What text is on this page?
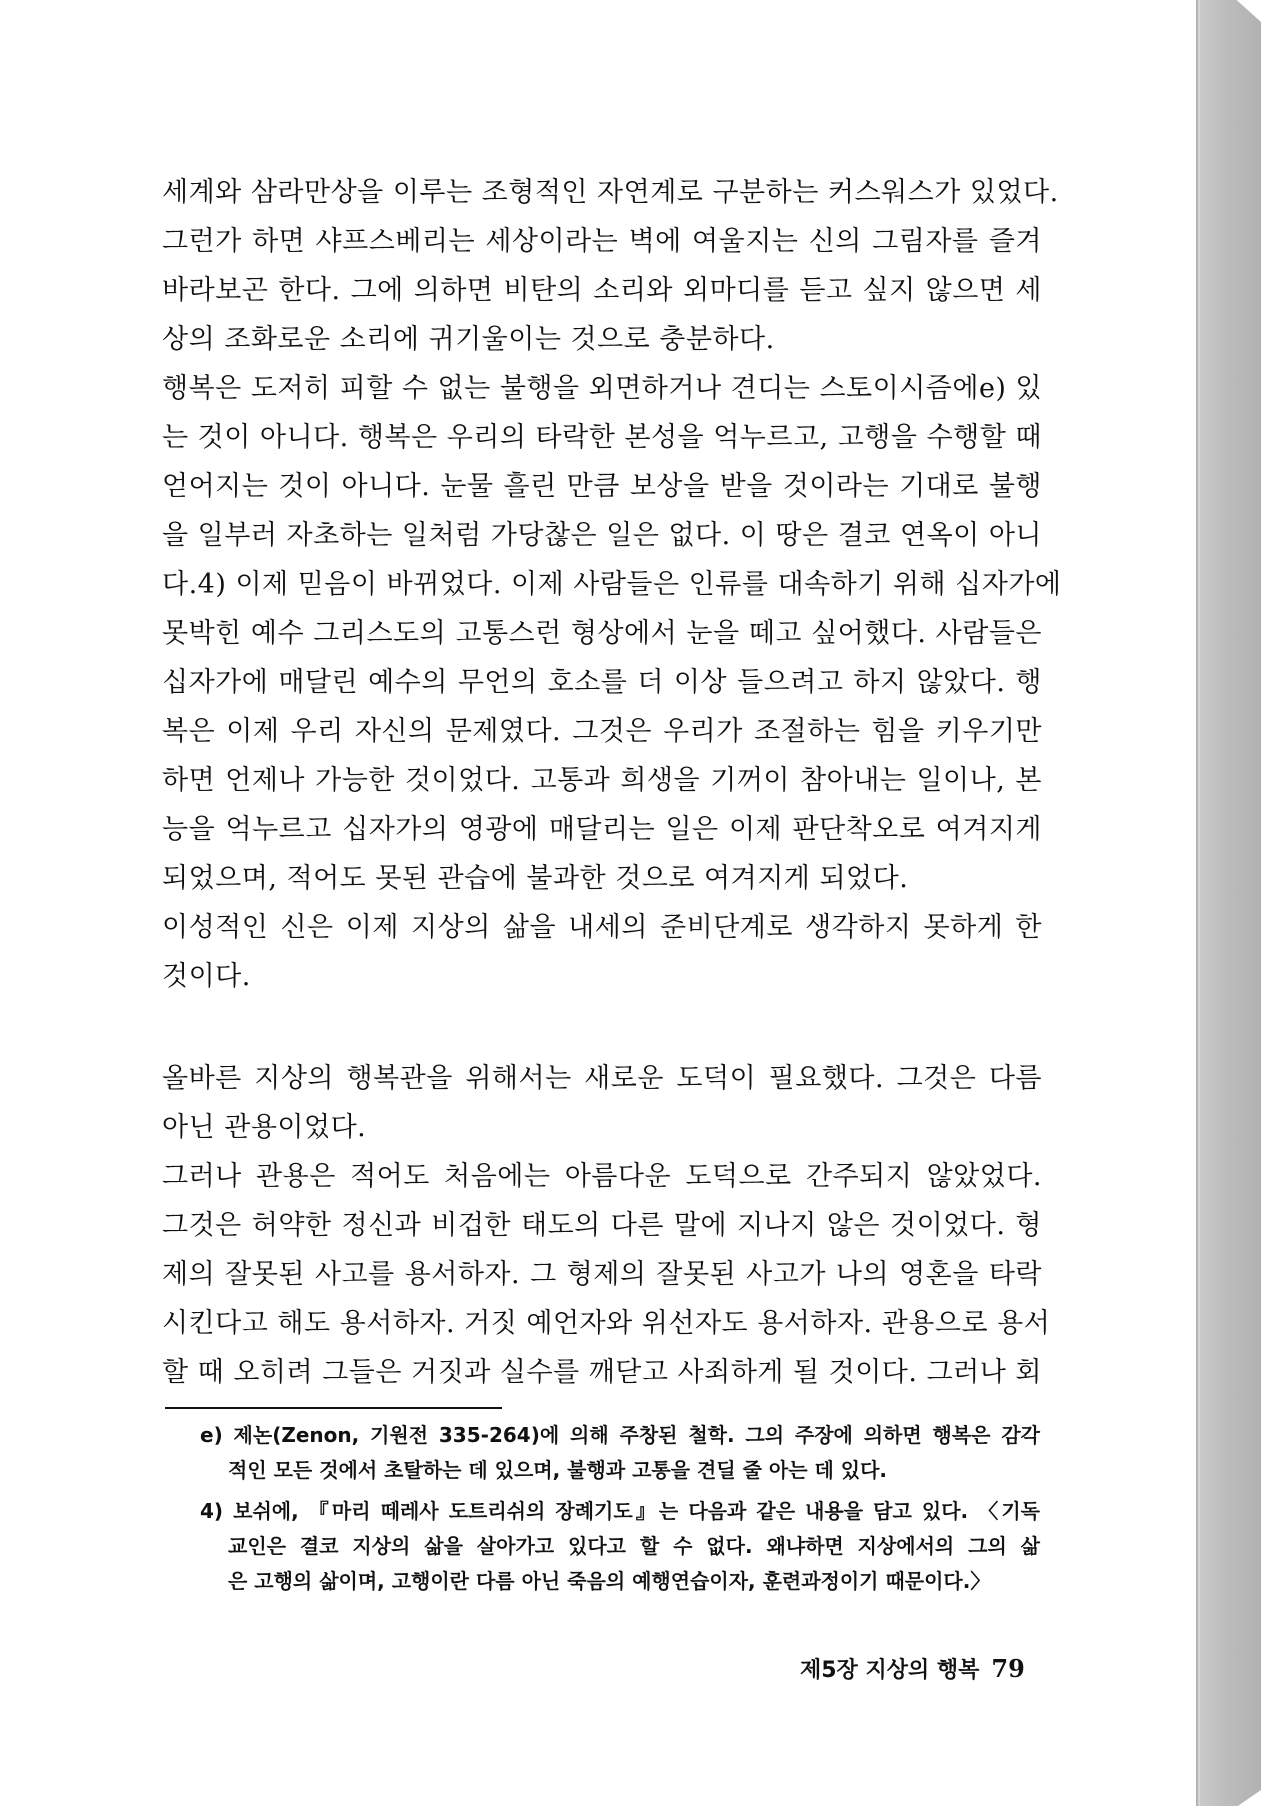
세계와 삼라만상을 이루는 조형적인 자연계로 구분하는 커스워스가 있었다.
그런가 하면 샤프스베리는 세상이라는 벽에 여울지는 신의 그림자를 즐겨
바라보곤 한다. 그에 의하면 비탄의 소리와 외마디를 듣고 싶지 않으면 세
상의 조화로운 소리에 귀기울이는 것으로 충분하다.
행복은 도저히 피할 수 없는 불행을 외면하거나 견디는 스토이시즘에e) 있
는 것이 아니다. 행복은 우리의 타락한 본성을 억누르고, 고행을 수행할 때
얻어지는 것이 아니다. 눈물 흘린 만큼 보상을 받을 것이라는 기대로 불행
을 일부러 자초하는 일처럼 가당찮은 일은 없다. 이 땅은 결코 연옥이 아니
다.4) 이제 믿음이 바뀌었다. 이제 사람들은 인류를 대속하기 위해 십자가에
못박힌 예수 그리스도의 고통스런 형상에서 눈을 떼고 싶어했다. 사람들은
십자가에 매달린 예수의 무언의 호소를 더 이상 들으려고 하지 않았다. 행
복은 이제 우리 자신의 문제였다. 그것은 우리가 조절하는 힘을 키우기만
하면 언제나 가능한 것이었다. 고통과 희생을 기꺼이 참아내는 일이나, 본
능을 억누르고 십자가의 영광에 매달리는 일은 이제 판단착오로 여겨지게
되었으며, 적어도 못된 관습에 불과한 것으로 여겨지게 되었다.
이성적인 신은 이제 지상의 삶을 내세의 준비단계로 생각하지 못하게 한
것이다.
올바른 지상의 행복관을 위해서는 새로운 도덕이 필요했다. 그것은 다름
아닌 관용이었다.
그러나 관용은 적어도 처음에는 아름다운 도덕으로 간주되지 않았었다.
그것은 허약한 정신과 비겁한 태도의 다른 말에 지나지 않은 것이었다. 형
제의 잘못된 사고를 용서하자. 그 형제의 잘못된 사고가 나의 영혼을 타락
시킨다고 해도 용서하자. 거짓 예언자와 위선자도 용서하자. 관용으로 용서
할 때 오히려 그들은 거짓과 실수를 깨닫고 사죄하게 될 것이다. 그러나 회
e) 제논(Zenon, 기원전 335-264)에 의해 주창된 철학. 그의 주장에 의하면 행복은 감각
적인 모든 것에서 초탈하는 데 있으며, 불행과 고통을 견딜 줄 아는 데 있다.
4) 보쉬에, 『마리 떼레사 도트리쉬의 장례기도』는 다음과 같은 내용을 담고 있다. 〈기독
교인은 결코 지상의 삶을 살아가고 있다고 할 수 없다. 왜냐하면 지상에서의 그의 삶
은 고행의 삶이며, 고행이란 다름 아닌 죽음의 예행연습이자, 훈련과정이기 때문이다.〉
제5장 지상의 행복 79
